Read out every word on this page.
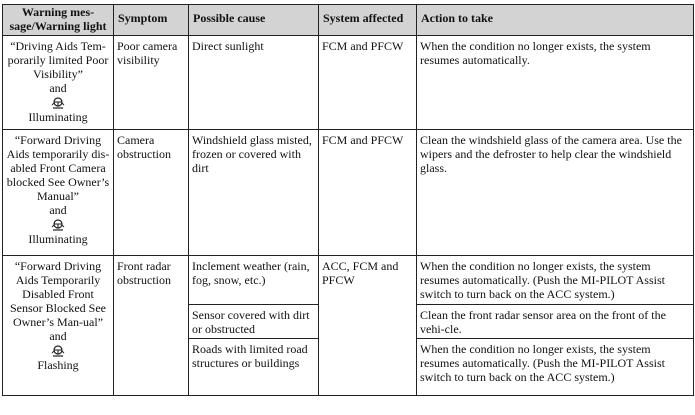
Warning mes-sage/Warning light	Symptom	Possible cause	System affected	Action to take

“Driving Aids Tem-porarily limited Poor Visibility”
and
Illuminating	Poor camera visibility	Direct sunlight	FCM and PFCW	When the condition no longer exists, the system resumes automatically.

“Forward Driving Aids temporarily dis-abled Front Camera blocked See Owner’s Manual”
and
Illuminating	Camera obstruction	Windshield glass misted, frozen or covered with dirt	FCM and PFCW	Clean the windshield glass of the camera area. Use the wipers and the defroster to help clear the windshield glass.

“Forward Driving Aids Temporarily Disabled Front Sensor Blocked See Owner’s Man-ual”
and
Flashing	Front radar obstruction	Inclement weather (rain, fog, snow, etc.)	ACC, FCM and PFCW	When the condition no longer exists, the system resumes automatically. (Push the MI-PILOT Assist switch to turn back on the ACC system.)
		Sensor covered with dirt or obstructed		Clean the front radar sensor area on the front of the vehi-cle.
		Roads with limited road structures or buildings		When the condition no longer exists, the system resumes automatically. (Push the MI-PILOT Assist switch to turn back on the ACC system.)
